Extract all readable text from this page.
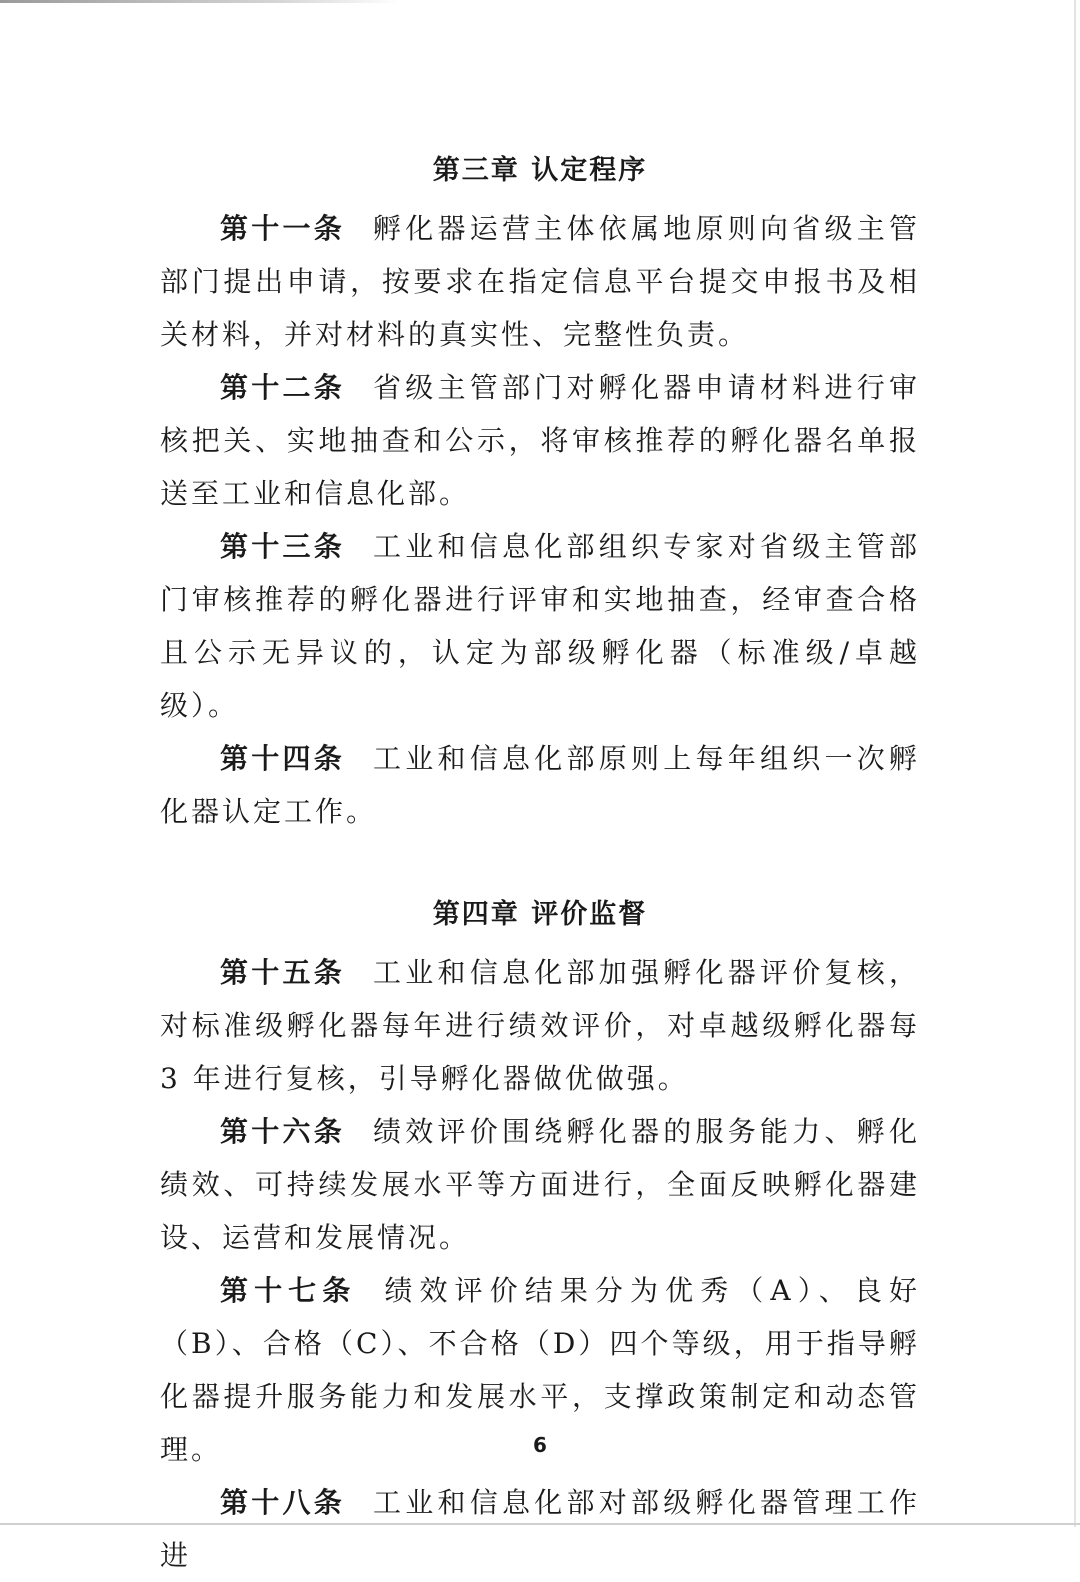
第三章 认定程序

第十一条 孵化器运营主体依属地原则向省级主管部门提出申请，按要求在指定信息平台提交申报书及相关材料，并对材料的真实性、完整性负责。

第十二条 省级主管部门对孵化器申请材料进行审核把关、实地抽查和公示，将审核推荐的孵化器名单报送至工业和信息化部。

第十三条 工业和信息化部组织专家对省级主管部门审核推荐的孵化器进行评审和实地抽查，经审查合格且公示无异议的，认定为部级孵化器（标准级/卓越级）。

第十四条 工业和信息化部原则上每年组织一次孵化器认定工作。

第四章 评价监督

第十五条 工业和信息化部加强孵化器评价复核，对标准级孵化器每年进行绩效评价，对卓越级孵化器每 3 年进行复核，引导孵化器做优做强。

第十六条 绩效评价围绕孵化器的服务能力、孵化绩效、可持续发展水平等方面进行，全面反映孵化器建设、运营和发展情况。

第十七条 绩效评价结果分为优秀（A）、良好（B）、合格（C）、不合格（D）四个等级，用于指导孵化器提升服务能力和发展水平，支撑政策制定和动态管理。

第十八条 工业和信息化部对部级孵化器管理工作进

6
